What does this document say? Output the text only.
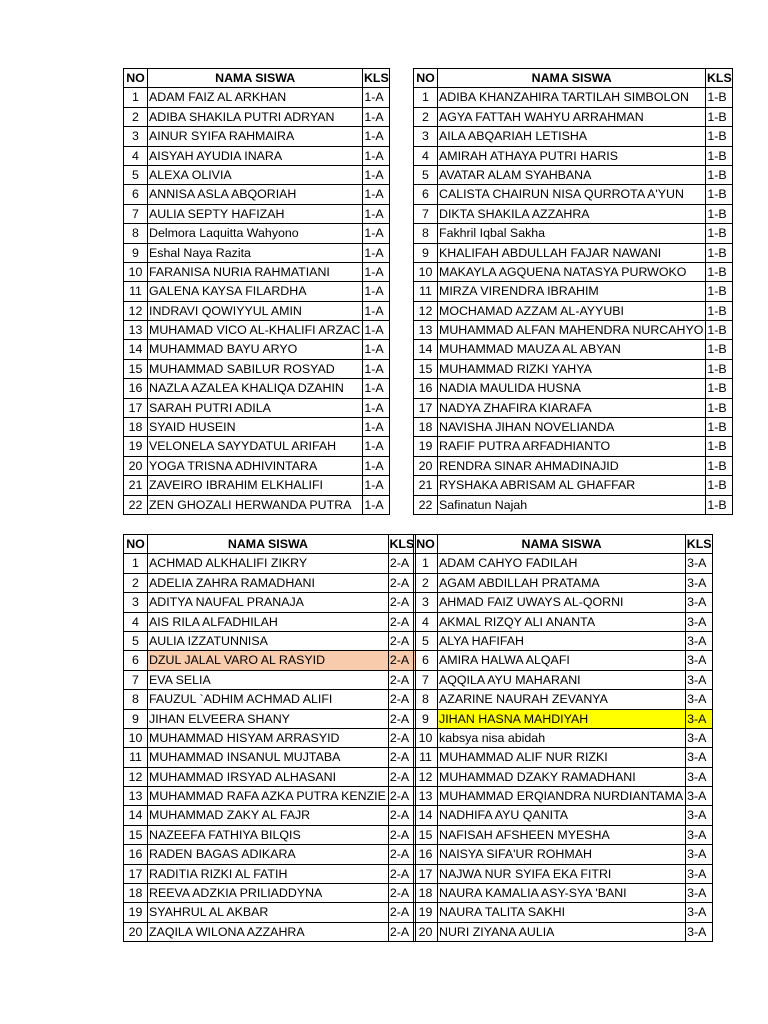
NO	NAMA SISWA	KLS
1	ADAM FAIZ AL ARKHAN	1-A
2	ADIBA SHAKILA PUTRI ADRYAN	1-A
3	AINUR SYIFA RAHMAIRA	1-A
4	AISYAH AYUDIA INARA	1-A
5	ALEXA OLIVIA	1-A
6	ANNISA ASLA ABQORIAH	1-A
7	AULIA SEPTY HAFIZAH	1-A
8	Delmora Laquitta Wahyono	1-A
9	Eshal Naya Razita	1-A
10	FARANISA NURIA RAHMATIANI	1-A
11	GALENA KAYSA FILARDHA	1-A
12	INDRAVI QOWIYYUL AMIN	1-A
13	MUHAMAD VICO AL-KHALIFI ARZAC	1-A
14	MUHAMMAD BAYU ARYO	1-A
15	MUHAMMAD SABILUR ROSYAD	1-A
16	NAZLA AZALEA KHALIQA DZAHIN	1-A
17	SARAH PUTRI ADILA	1-A
18	SYAID HUSEIN	1-A
19	VELONELA SAYYDATUL ARIFAH	1-A
20	YOGA TRISNA ADHIVINTARA	1-A
21	ZAVEIRO IBRAHIM ELKHALIFI	1-A
22	ZEN GHOZALI HERWANDA PUTRA	1-A
NO	NAMA SISWA	KLS
1	ADIBA KHANZAHIRA TARTILAH SIMBOLON	1-B
2	AGYA FATTAH WAHYU ARRAHMAN	1-B
3	AILA ABQARIAH LETISHA	1-B
4	AMIRAH ATHAYA PUTRI HARIS	1-B
5	AVATAR ALAM SYAHBANA	1-B
6	CALISTA CHAIRUN NISA QURROTA A'YUN	1-B
7	DIKTA SHAKILA AZZAHRA	1-B
8	Fakhril Iqbal Sakha	1-B
9	KHALIFAH ABDULLAH FAJAR NAWANI	1-B
10	MAKAYLA AGQUENA NATASYA PURWOKO	1-B
11	MIRZA VIRENDRA IBRAHIM	1-B
12	MOCHAMAD AZZAM AL-AYYUBI	1-B
13	MUHAMMAD ALFAN MAHENDRA NURCAHYO	1-B
14	MUHAMMAD MAUZA AL ABYAN	1-B
15	MUHAMMAD RIZKI YAHYA	1-B
16	NADIA MAULIDA HUSNA	1-B
17	NADYA ZHAFIRA KIARAFA	1-B
18	NAVISHA JIHAN NOVELIANDA	1-B
19	RAFIF PUTRA ARFADHIANTO	1-B
20	RENDRA SINAR AHMADINAJID	1-B
21	RYSHAKA ABRISAM AL GHAFFAR	1-B
22	Safinatun Najah	1-B
NO	NAMA SISWA	KLS
1	ACHMAD ALKHALIFI ZIKRY	2-A
2	ADELIA ZAHRA RAMADHANI	2-A
3	ADITYA NAUFAL PRANAJA	2-A
4	AIS RILA ALFADHILAH	2-A
5	AULIA IZZATUNNISA	2-A
6	DZUL JALAL VARO AL RASYID	2-A
7	EVA SELIA	2-A
8	FAUZUL `ADHIM ACHMAD ALIFI	2-A
9	JIHAN ELVEERA SHANY	2-A
10	MUHAMMAD HISYAM ARRASYID	2-A
11	MUHAMMAD INSANUL MUJTABA	2-A
12	MUHAMMAD IRSYAD ALHASANI	2-A
13	MUHAMMAD RAFA AZKA PUTRA KENZIE	2-A
14	MUHAMMAD ZAKY AL FAJR	2-A
15	NAZEEFA FATHIYA BILQIS	2-A
16	RADEN BAGAS ADIKARA	2-A
17	RADITIA RIZKI AL FATIH	2-A
18	REEVA ADZKIA PRILIADDYNA	2-A
19	SYAHRUL AL AKBAR	2-A
20	ZAQILA WILONA AZZAHRA	2-A
NO	NAMA SISWA	KLS
1	ADAM CAHYO FADILAH	3-A
2	AGAM ABDILLAH PRATAMA	3-A
3	AHMAD FAIZ UWAYS AL-QORNI	3-A
4	AKMAL RIZQY ALI ANANTA	3-A
5	ALYA HAFIFAH	3-A
6	AMIRA HALWA ALQAFI	3-A
7	AQQILA AYU MAHARANI	3-A
8	AZARINE NAURAH ZEVANYA	3-A
9	JIHAN HASNA MAHDIYAH	3-A
10	kabsya nisa abidah	3-A
11	MUHAMMAD ALIF NUR RIZKI	3-A
12	MUHAMMAD DZAKY RAMADHANI	3-A
13	MUHAMMAD ERQIANDRA NURDIANTAMA	3-A
14	NADHIFA AYU QANITA	3-A
15	NAFISAH AFSHEEN MYESHA	3-A
16	NAISYA SIFA'UR ROHMAH	3-A
17	NAJWA NUR SYIFA EKA FITRI	3-A
18	NAURA KAMALIA ASY-SYA 'BANI	3-A
19	NAURA TALITA SAKHI	3-A
20	NURI ZIYANA AULIA	3-A
